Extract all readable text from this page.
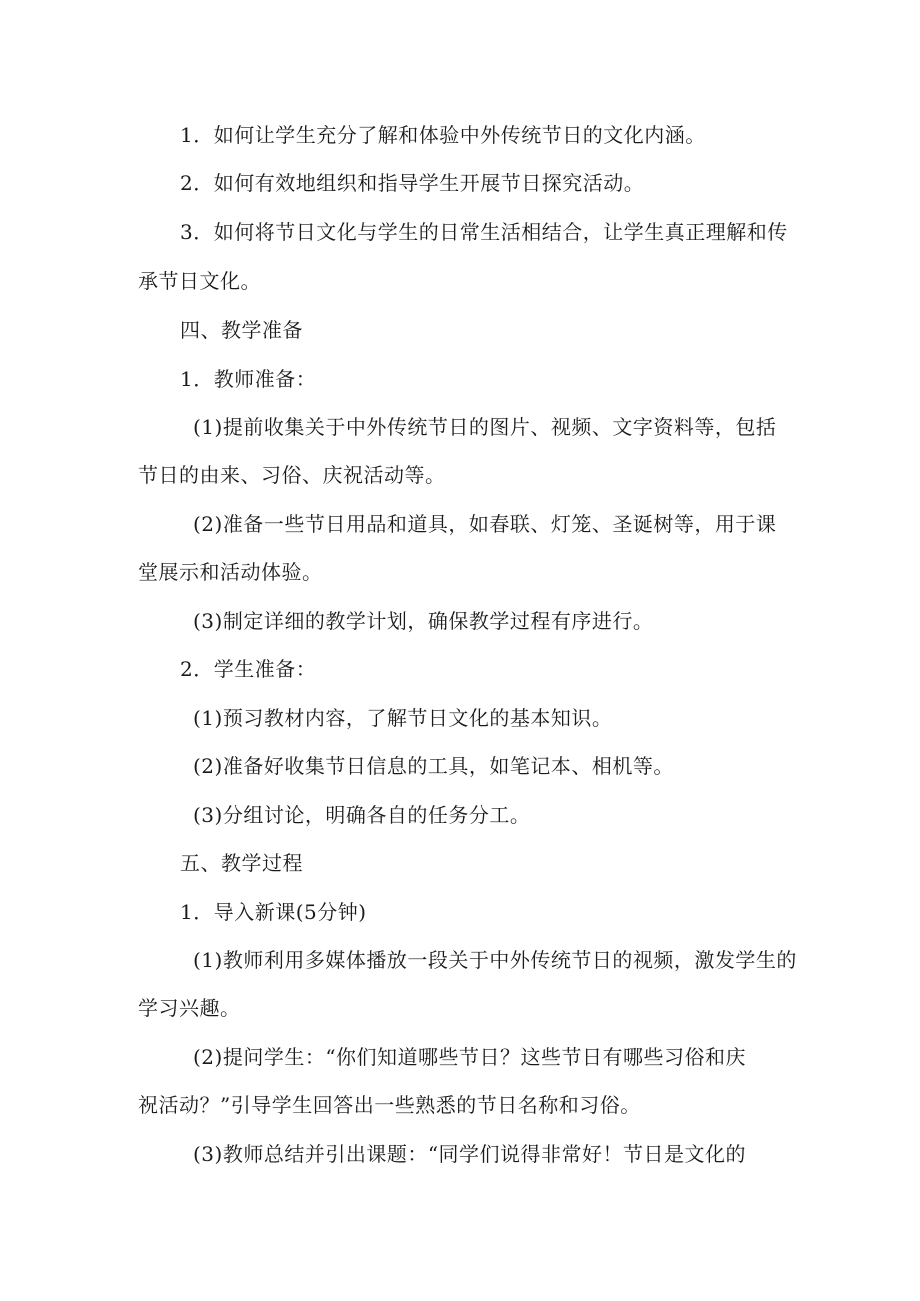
1．如何让学生充分了解和体验中外传统节日的文化内涵。
2．如何有效地组织和指导学生开展节日探究活动。
3．如何将节日文化与学生的日常生活相结合，让学生真正理解和传
承节日文化。
四、教学准备
1．教师准备：
(1)提前收集关于中外传统节日的图片、视频、文字资料等，包括
节日的由来、习俗、庆祝活动等。
(2)准备一些节日用品和道具，如春联、灯笼、圣诞树等，用于课
堂展示和活动体验。
(3)制定详细的教学计划，确保教学过程有序进行。
2．学生准备：
(1)预习教材内容，了解节日文化的基本知识。
(2)准备好收集节日信息的工具，如笔记本、相机等。
(3)分组讨论，明确各自的任务分工。
五、教学过程
1．导入新课(5分钟)
(1)教师利用多媒体播放一段关于中外传统节日的视频，激发学生的
学习兴趣。
(2)提问学生：“你们知道哪些节日？这些节日有哪些习俗和庆
祝活动？”引导学生回答出一些熟悉的节日名称和习俗。
(3)教师总结并引出课题：“同学们说得非常好！节日是文化的
